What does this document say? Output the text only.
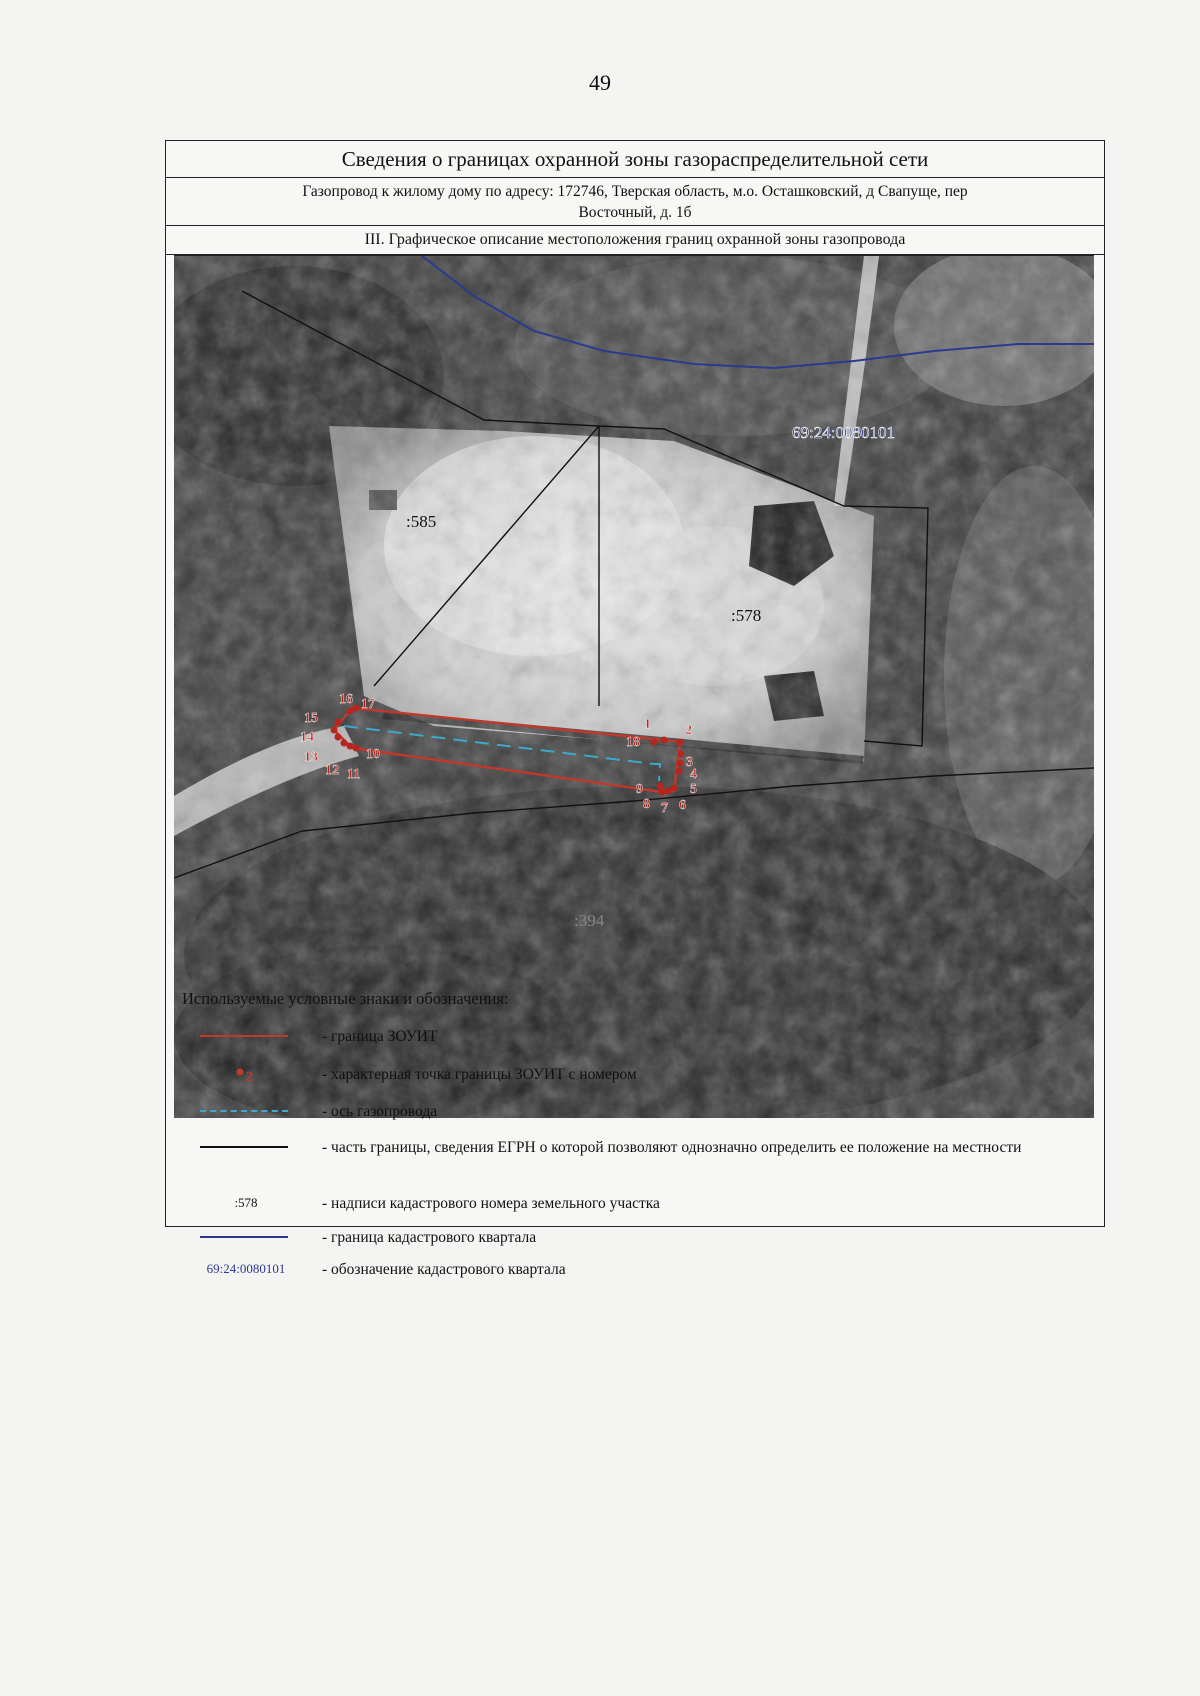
49
Сведения о границах охранной зоны газораспределительной сети
Газопровод к жилому дому по адресу: 172746, Тверская область, м.о. Осташковский, д Свапуще, пер
Восточный, д. 1б
III. Графическое описание местоположения границ охранной зоны газопровода
1 2
3
4
5
6
7
8
9
10
11
12
13
14
15
16 17
18
69:24:0080101
:585
:578
:394
Используемые условные знаки и обозначения:
- граница ЗОУИТ
2	- характерная точка границы ЗОУИТ с номером
- ось газопровода
- часть границы, сведения ЕГРН о которой позволяют однозначно определить ее положение на местности
:578	- надписи кадастрового номера земельного участка
- граница кадастрового квартала
69:24:0080101	- обозначение кадастрового квартала
